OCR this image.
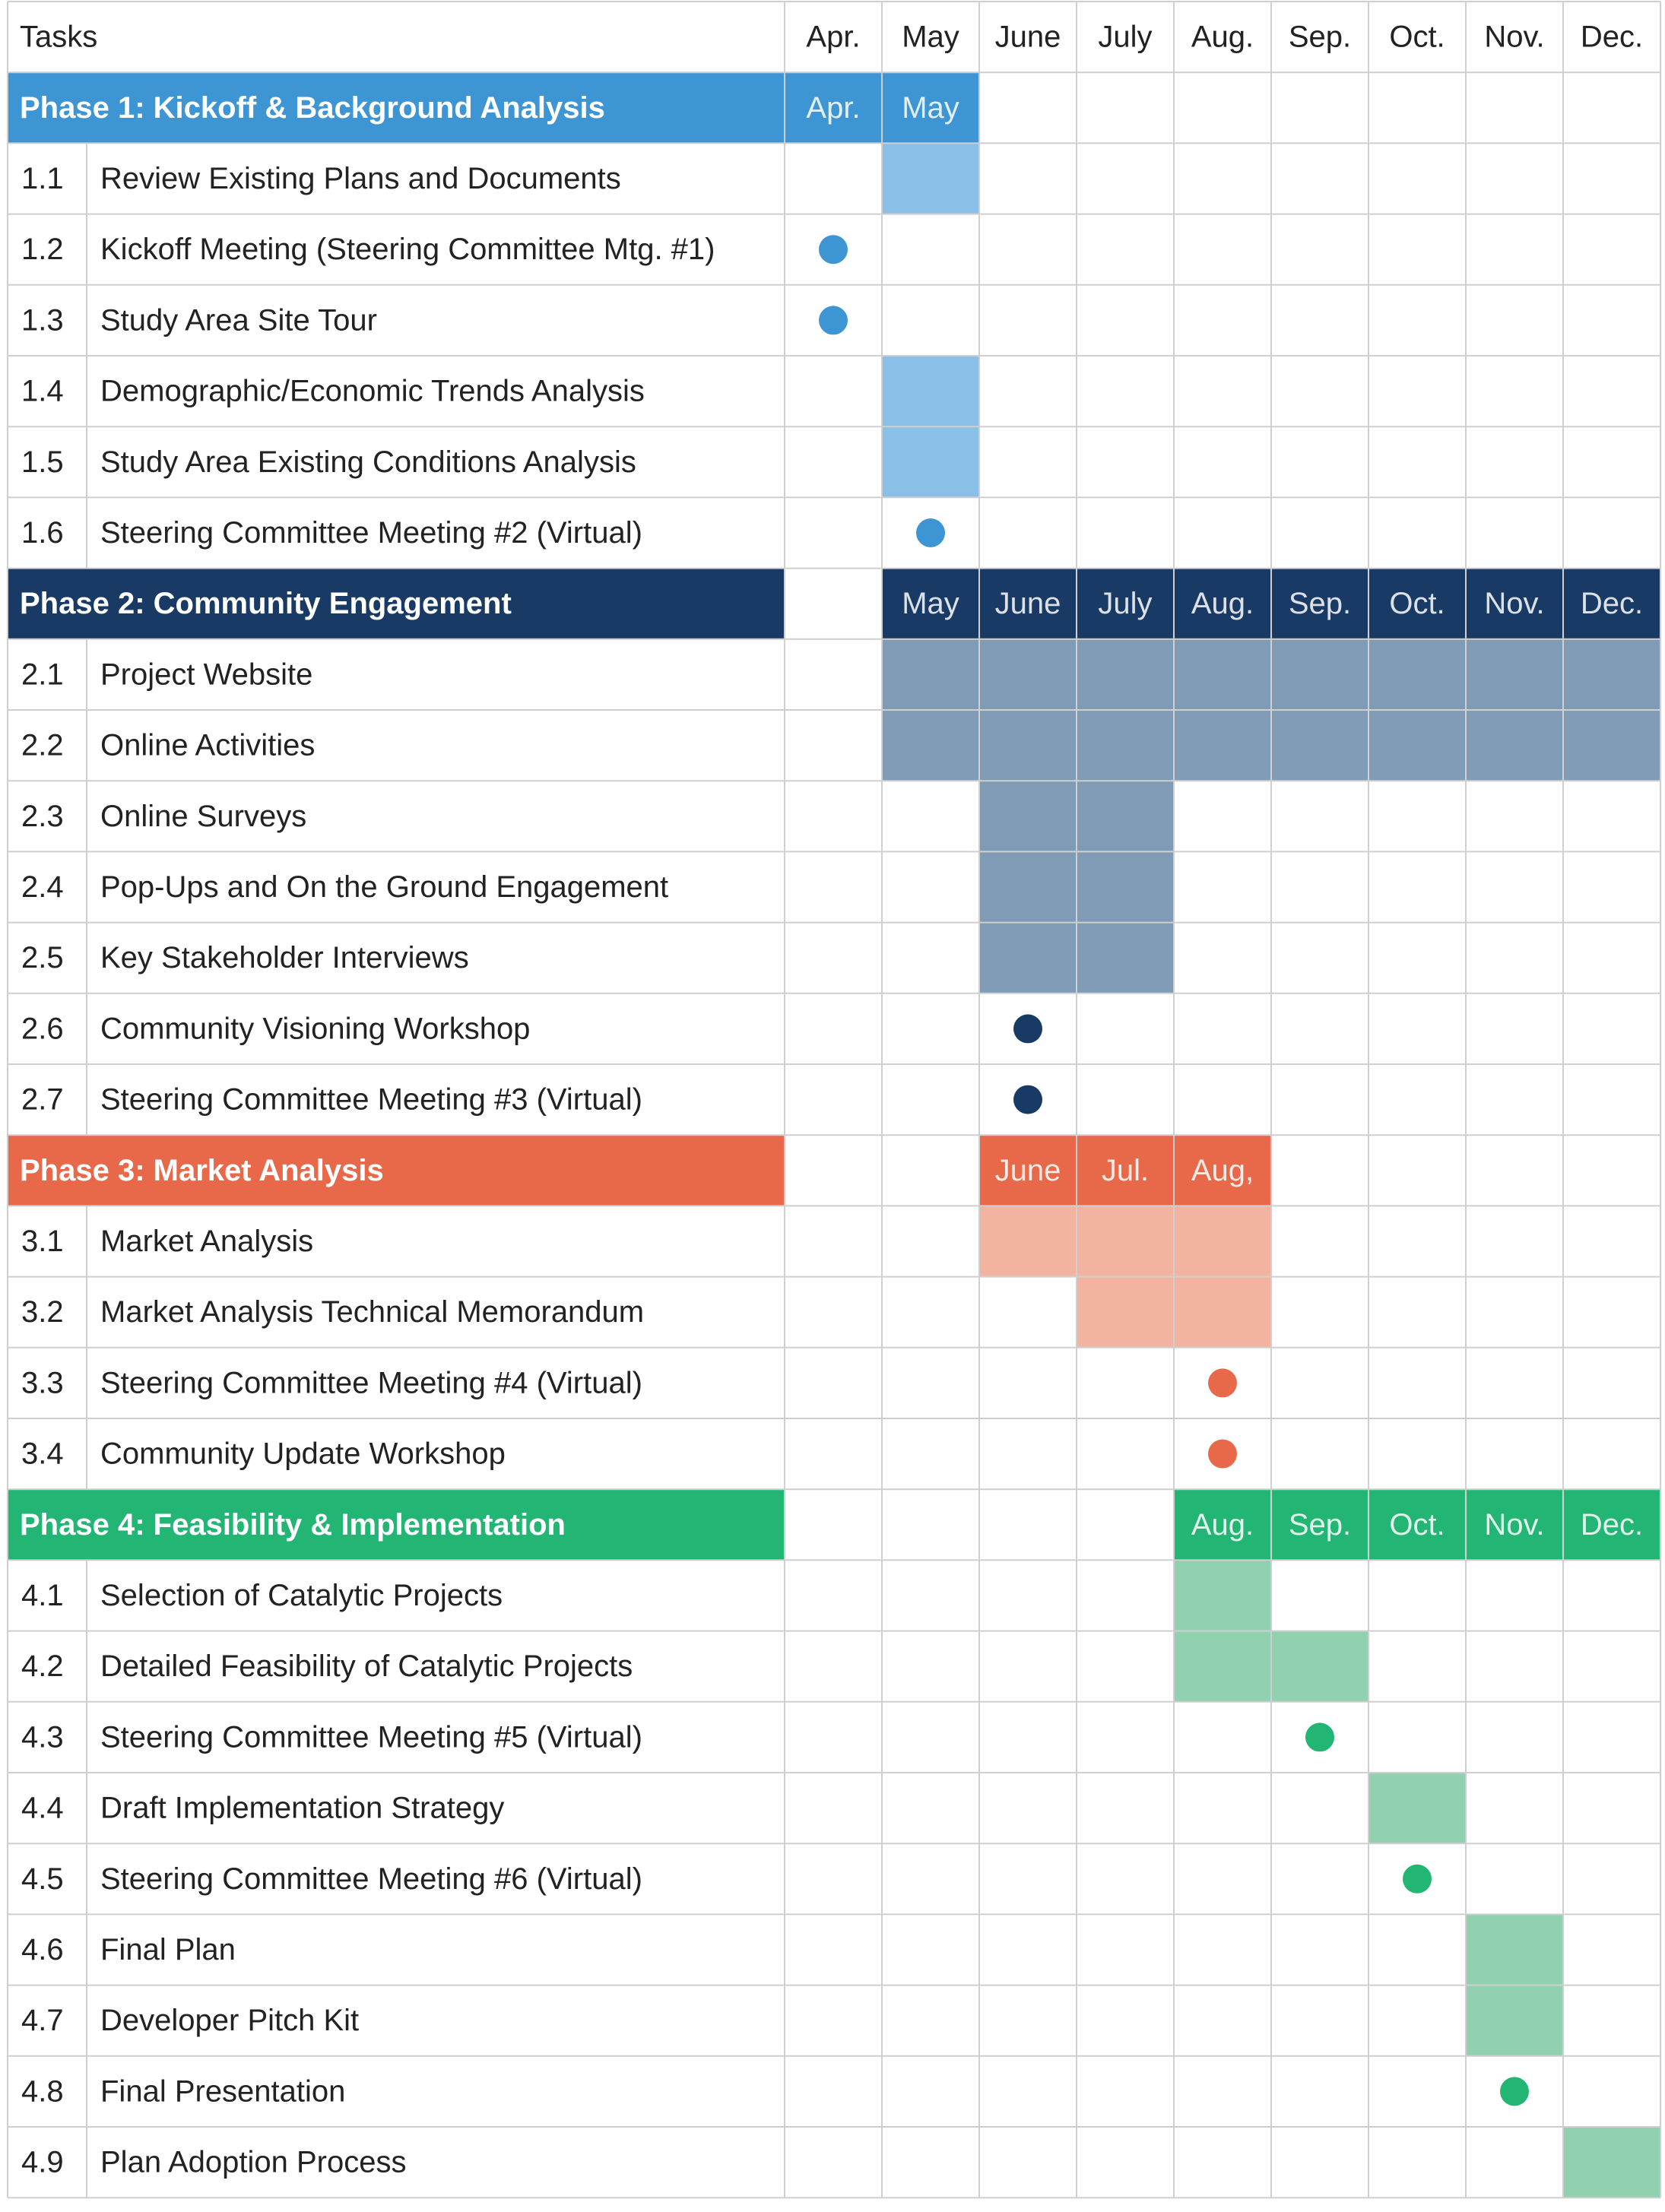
Tasks	Apr. May June July Aug. Sep. Oct. Nov. Dec.
Apr. May
Phase 1: Kickoff & Background Analysis
1.1 Review Existing Plans and Documents
1.2 Kickoff Meeting (Steering Committee Mtg. #1)
1.3 Study Area Site Tour
1.4 Demographic/Economic Trends Analysis
1.5 Study Area Existing Conditions Analysis
1.6 Steering Committee Meeting #2 (Virtual)
May June July Aug. Sep. Oct. Nov. Dec.
Phase 2: Community Engagement
2.1 Project Website
2.2 Online Activities
2.3 Online Surveys
2.4 Pop-Ups and On the Ground Engagement
2.5 Key Stakeholder Interviews
2.6 Community Visioning Workshop
2.7 Steering Committee Meeting #3 (Virtual)
June Jul. Aug,
Phase 3: Market Analysis
3.1 Market Analysis
3.2 Market Analysis Technical Memorandum
3.3 Steering Committee Meeting #4 (Virtual)
3.4 Community Update Workshop
Aug. Sep. Oct. Nov. Dec.
Phase 4: Feasibility & Implementation
4.1 Selection of Catalytic Projects
4.2 Detailed Feasibility of Catalytic Projects
4.3 Steering Committee Meeting #5 (Virtual)
4.4 Draft Implementation Strategy
4.5 Steering Committee Meeting #6 (Virtual)
4.6 Final Plan
4.7 Developer Pitch Kit
4.8 Final Presentation
4.9 Plan Adoption Process
